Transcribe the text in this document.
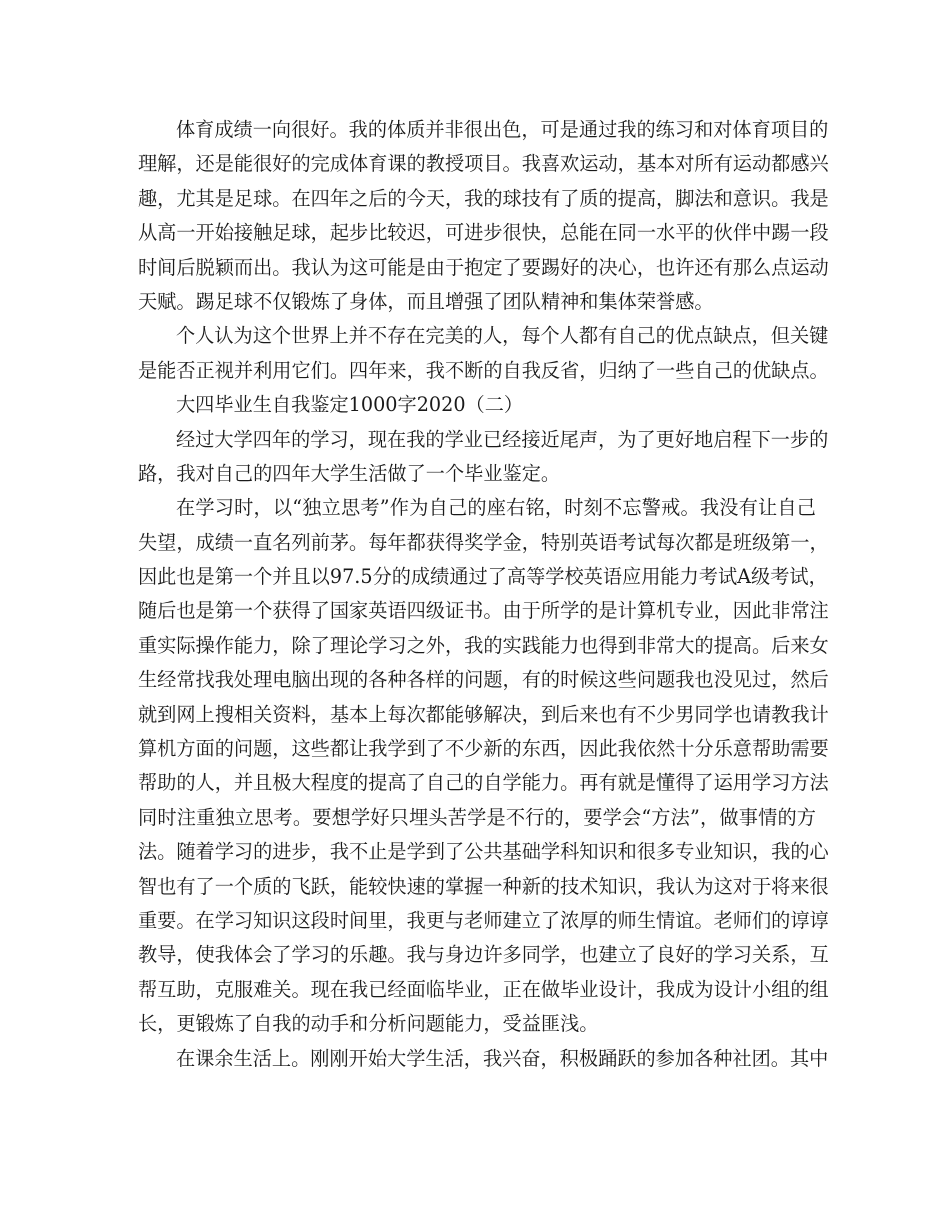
体育成绩一向很好。我的体质并非很出色，可是通过我的练习和对体育项目的
理解，还是能很好的完成体育课的教授项目。我喜欢运动，基本对所有运动都感兴
趣，尤其是足球。在四年之后的今天，我的球技有了质的提高，脚法和意识。我是
从高一开始接触足球，起步比较迟，可进步很快，总能在同一水平的伙伴中踢一段
时间后脱颖而出。我认为这可能是由于抱定了要踢好的决心，也许还有那么点运动
天赋。踢足球不仅锻炼了身体，而且增强了团队精神和集体荣誉感。
个人认为这个世界上并不存在完美的人，每个人都有自己的优点缺点，但关键
是能否正视并利用它们。四年来，我不断的自我反省，归纳了一些自己的优缺点。
大四毕业生自我鉴定1000字2020（二）
经过大学四年的学习，现在我的学业已经接近尾声，为了更好地启程下一步的
路，我对自己的四年大学生活做了一个毕业鉴定。
在学习时，以“独立思考”作为自己的座右铭，时刻不忘警戒。我没有让自己
失望，成绩一直名列前茅。每年都获得奖学金，特别英语考试每次都是班级第一，
因此也是第一个并且以97.5分的成绩通过了高等学校英语应用能力考试A级考试，
随后也是第一个获得了国家英语四级证书。由于所学的是计算机专业，因此非常注
重实际操作能力，除了理论学习之外，我的实践能力也得到非常大的提高。后来女
生经常找我处理电脑出现的各种各样的问题，有的时候这些问题我也没见过，然后
就到网上搜相关资料，基本上每次都能够解决，到后来也有不少男同学也请教我计
算机方面的问题，这些都让我学到了不少新的东西，因此我依然十分乐意帮助需要
帮助的人，并且极大程度的提高了自己的自学能力。再有就是懂得了运用学习方法
同时注重独立思考。要想学好只埋头苦学是不行的，要学会“方法”，做事情的方
法。随着学习的进步，我不止是学到了公共基础学科知识和很多专业知识，我的心
智也有了一个质的飞跃，能较快速的掌握一种新的技术知识，我认为这对于将来很
重要。在学习知识这段时间里，我更与老师建立了浓厚的师生情谊。老师们的谆谆
教导，使我体会了学习的乐趣。我与身边许多同学，也建立了良好的学习关系，互
帮互助，克服难关。现在我已经面临毕业，正在做毕业设计，我成为设计小组的组
长，更锻炼了自我的动手和分析问题能力，受益匪浅。
在课余生活上。刚刚开始大学生活，我兴奋，积极踊跃的参加各种社团。其中
